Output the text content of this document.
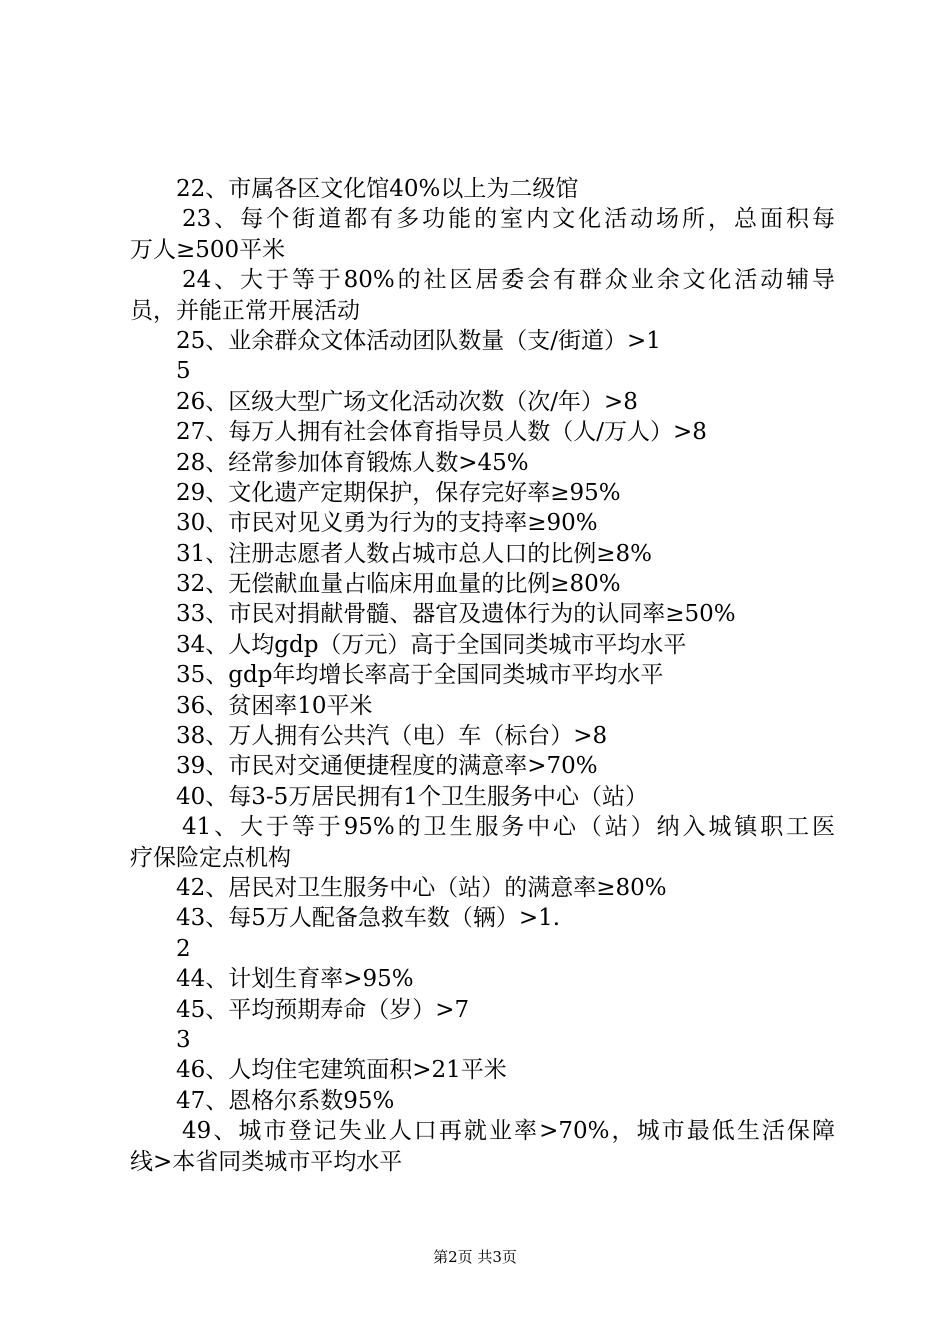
22、市属各区文化馆40%以上为二级馆
23、每个街道都有多功能的室内文化活动场所，总面积每
万人≥500平米
24、大于等于80%的社区居委会有群众业余文化活动辅导
员，并能正常开展活动
25、业余群众文体活动团队数量（支/街道）>1
5
26、区级大型广场文化活动次数（次/年）>8
27、每万人拥有社会体育指导员人数（人/万人）>8
28、经常参加体育锻炼人数>45%
29、文化遗产定期保护，保存完好率≥95%
30、市民对见义勇为行为的支持率≥90%
31、注册志愿者人数占城市总人口的比例≥8%
32、无偿献血量占临床用血量的比例≥80%
33、市民对捐献骨髓、器官及遗体行为的认同率≥50%
34、人均gdp（万元）高于全国同类城市平均水平
35、gdp年均增长率高于全国同类城市平均水平
36、贫困率10平米
38、万人拥有公共汽（电）车（标台）>8
39、市民对交通便捷程度的满意率>70%
40、每3-5万居民拥有1个卫生服务中心（站）
41、大于等于95%的卫生服务中心（站）纳入城镇职工医
疗保险定点机构
42、居民对卫生服务中心（站）的满意率≥80%
43、每5万人配备急救车数（辆）>1.
2
44、计划生育率>95%
45、平均预期寿命（岁）>7
3
46、人均住宅建筑面积>21平米
47、恩格尔系数95%
49、城市登记失业人口再就业率>70%，城市最低生活保障
线>本省同类城市平均水平
第2页 共3页
